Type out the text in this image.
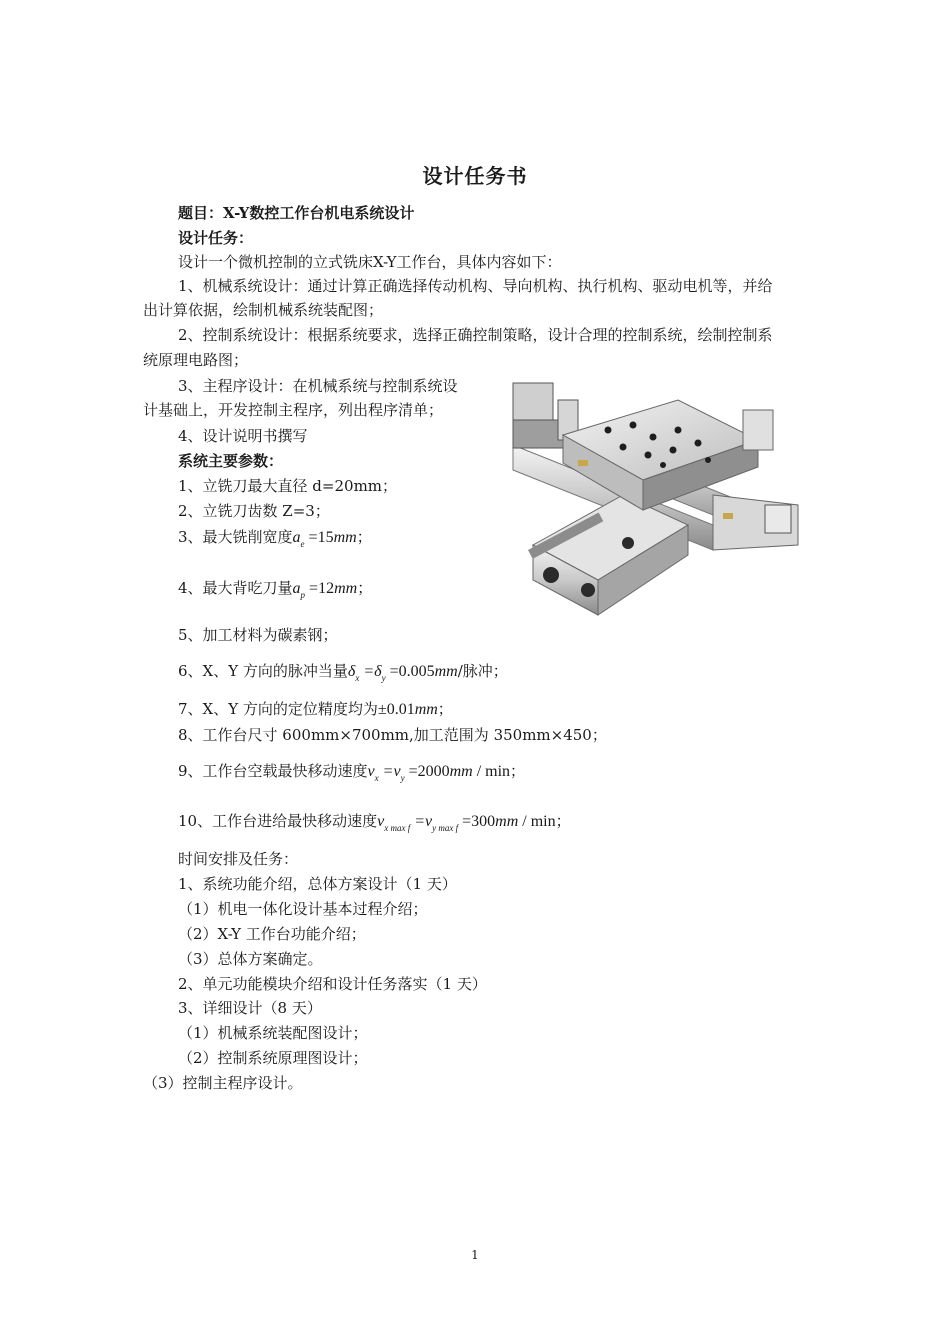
设计任务书
题目：X-Y数控工作台机电系统设计
设计任务：
设计一个微机控制的立式铣床X-Y工作台，具体内容如下：
1、机械系统设计：通过计算正确选择传动机构、导向机构、执行机构、驱动电机等，并给
出计算依据，绘制机械系统装配图；
2、控制系统设计：根据系统要求，选择正确控制策略，设计合理的控制系统，绘制控制系
统原理电路图；
3、主程序设计：在机械系统与控制系统设
计基础上，开发控制主程序，列出程序清单；
4、设计说明书撰写
系统主要参数：
1、立铣刀最大直径 d=20mm；
2、立铣刀齿数 Z=3；
3、最大铣削宽度$a_e =15mm$；
4、最大背吃刀量$a_p =12mm$；
5、加工材料为碳素钢；
6、X、Y 方向的脉冲当量$\delta_x =\delta_y =0.005mm/$脉冲；
7、X、Y 方向的定位精度均为±0.01mm；
8、工作台尺寸 600mm×700mm,加工范围为 350mm×450；
9、工作台空载最快移动速度$v_x =v_y =2000mm / \min$；
10、工作台进给最快移动速度$v_{x max f} =v_{y max f} =300mm / \min$；
时间安排及任务：
1、系统功能介绍，总体方案设计（1 天）
（1）机电一体化设计基本过程介绍；
（2）X-Y 工作台功能介绍；
（3）总体方案确定。
2、单元功能模块介绍和设计任务落实（1 天）
3、详细设计（8 天）
（1）机械系统装配图设计；
（2）控制系统原理图设计；
（3）控制主程序设计。
1
